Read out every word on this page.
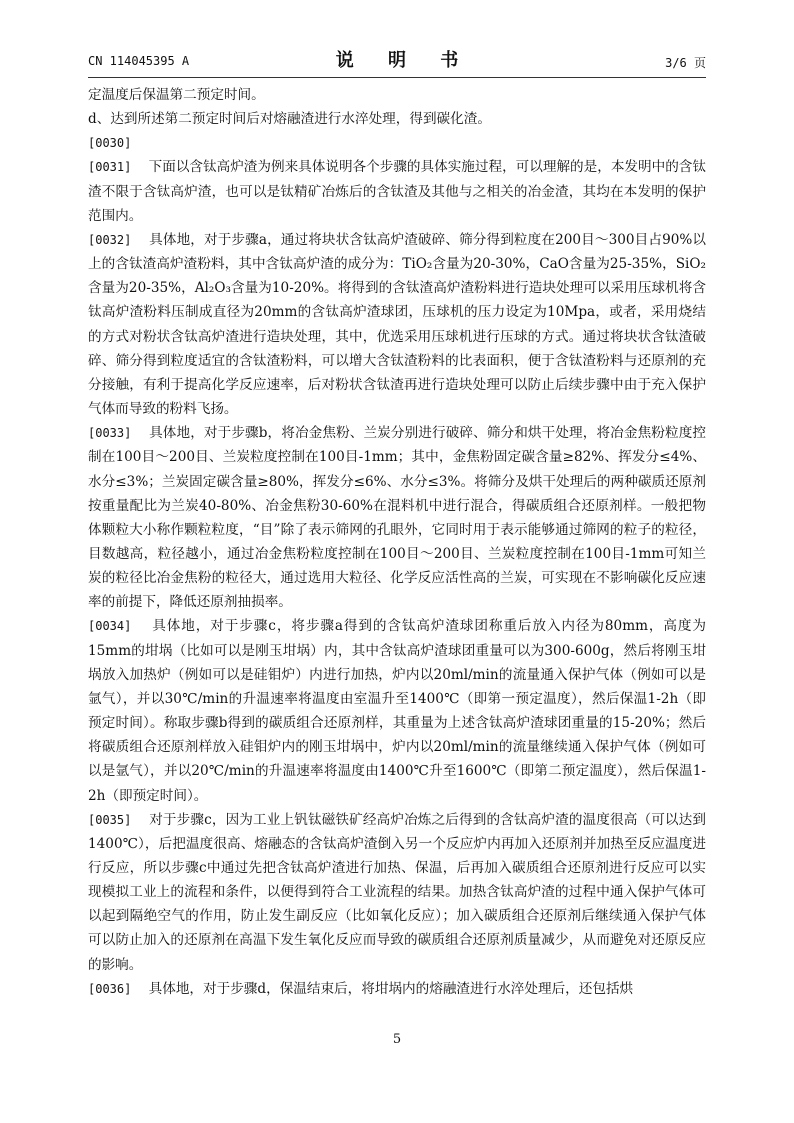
CN 114045395 A	说 明 书	3/6 页

定温度后保温第二预定时间。

d、达到所述第二预定时间后对熔融渣进行水淬处理，得到碳化渣。

[0030]

[0031] 下面以含钛高炉渣为例来具体说明各个步骤的具体实施过程，可以理解的是，本发明中的含钛渣不限于含钛高炉渣，也可以是钛精矿冶炼后的含钛渣及其他与之相关的冶金渣，其均在本发明的保护范围内。

[0032] 具体地，对于步骤a，通过将块状含钛高炉渣破碎、筛分得到粒度在200目～300目占90%以上的含钛渣高炉渣粉料，其中含钛高炉渣的成分为：TiO₂含量为20-30%，CaO含量为25-35%，SiO₂含量为20-35%，Al₂O₃含量为10-20%。将得到的含钛渣高炉渣粉料进行造块处理可以采用压球机将含钛高炉渣粉料压制成直径为20mm的含钛高炉渣球团，压球机的压力设定为10Mpa，或者，采用烧结的方式对粉状含钛高炉渣进行造块处理，其中，优选采用压球机进行压球的方式。通过将块状含钛渣破碎、筛分得到粒度适宜的含钛渣粉料，可以增大含钛渣粉料的比表面积，便于含钛渣粉料与还原剂的充分接触，有利于提高化学反应速率，后对粉状含钛渣再进行造块处理可以防止后续步骤中由于充入保护气体而导致的粉料飞扬。

[0033] 具体地，对于步骤b，将冶金焦粉、兰炭分别进行破碎、筛分和烘干处理，将冶金焦粉粒度控制在100目～200目、兰炭粒度控制在100目-1mm；其中，金焦粉固定碳含量≥82%、挥发分≤4%、水分≤3%；兰炭固定碳含量≥80%，挥发分≤6%、水分≤3%。将筛分及烘干处理后的两种碳质还原剂按重量配比为兰炭40-80%、冶金焦粉30-60%在混料机中进行混合，得碳质组合还原剂样。一般把物体颗粒大小称作颗粒粒度，“目”除了表示筛网的孔眼外，它同时用于表示能够通过筛网的粒子的粒径，目数越高，粒径越小，通过冶金焦粉粒度控制在100目～200目、兰炭粒度控制在100目-1mm可知兰炭的粒径比冶金焦粉的粒径大，通过选用大粒径、化学反应活性高的兰炭，可实现在不影响碳化反应速率的前提下，降低还原剂抽损率。

[0034] 具体地，对于步骤c，将步骤a得到的含钛高炉渣球团称重后放入内径为80mm，高度为15mm的坩埚（比如可以是刚玉坩埚）内，其中含钛高炉渣球团重量可以为300-600g，然后将刚玉坩埚放入加热炉（例如可以是硅钼炉）内进行加热，炉内以20ml/min的流量通入保护气体（例如可以是氩气），并以30℃/min的升温速率将温度由室温升至1400℃（即第一预定温度），然后保温1-2h（即预定时间）。称取步骤b得到的碳质组合还原剂样，其重量为上述含钛高炉渣球团重量的15-20%；然后将碳质组合还原剂样放入硅钼炉内的刚玉坩埚中，炉内以20ml/min的流量继续通入保护气体（例如可以是氩气），并以20℃/min的升温速率将温度由1400℃升至1600℃（即第二预定温度），然后保温1-2h（即预定时间）。

[0035] 对于步骤c，因为工业上钒钛磁铁矿经高炉冶炼之后得到的含钛高炉渣的温度很高（可以达到1400℃），后把温度很高、熔融态的含钛高炉渣倒入另一个反应炉内再加入还原剂并加热至反应温度进行反应，所以步骤c中通过先把含钛高炉渣进行加热、保温，后再加入碳质组合还原剂进行反应可以实现模拟工业上的流程和条件，以便得到符合工业流程的结果。加热含钛高炉渣的过程中通入保护气体可以起到隔绝空气的作用，防止发生副反应（比如氧化反应）；加入碳质组合还原剂后继续通入保护气体可以防止加入的还原剂在高温下发生氧化反应而导致的碳质组合还原剂质量减少，从而避免对还原反应的影响。

[0036] 具体地，对于步骤d，保温结束后，将坩埚内的熔融渣进行水淬处理后，还包括烘

5
